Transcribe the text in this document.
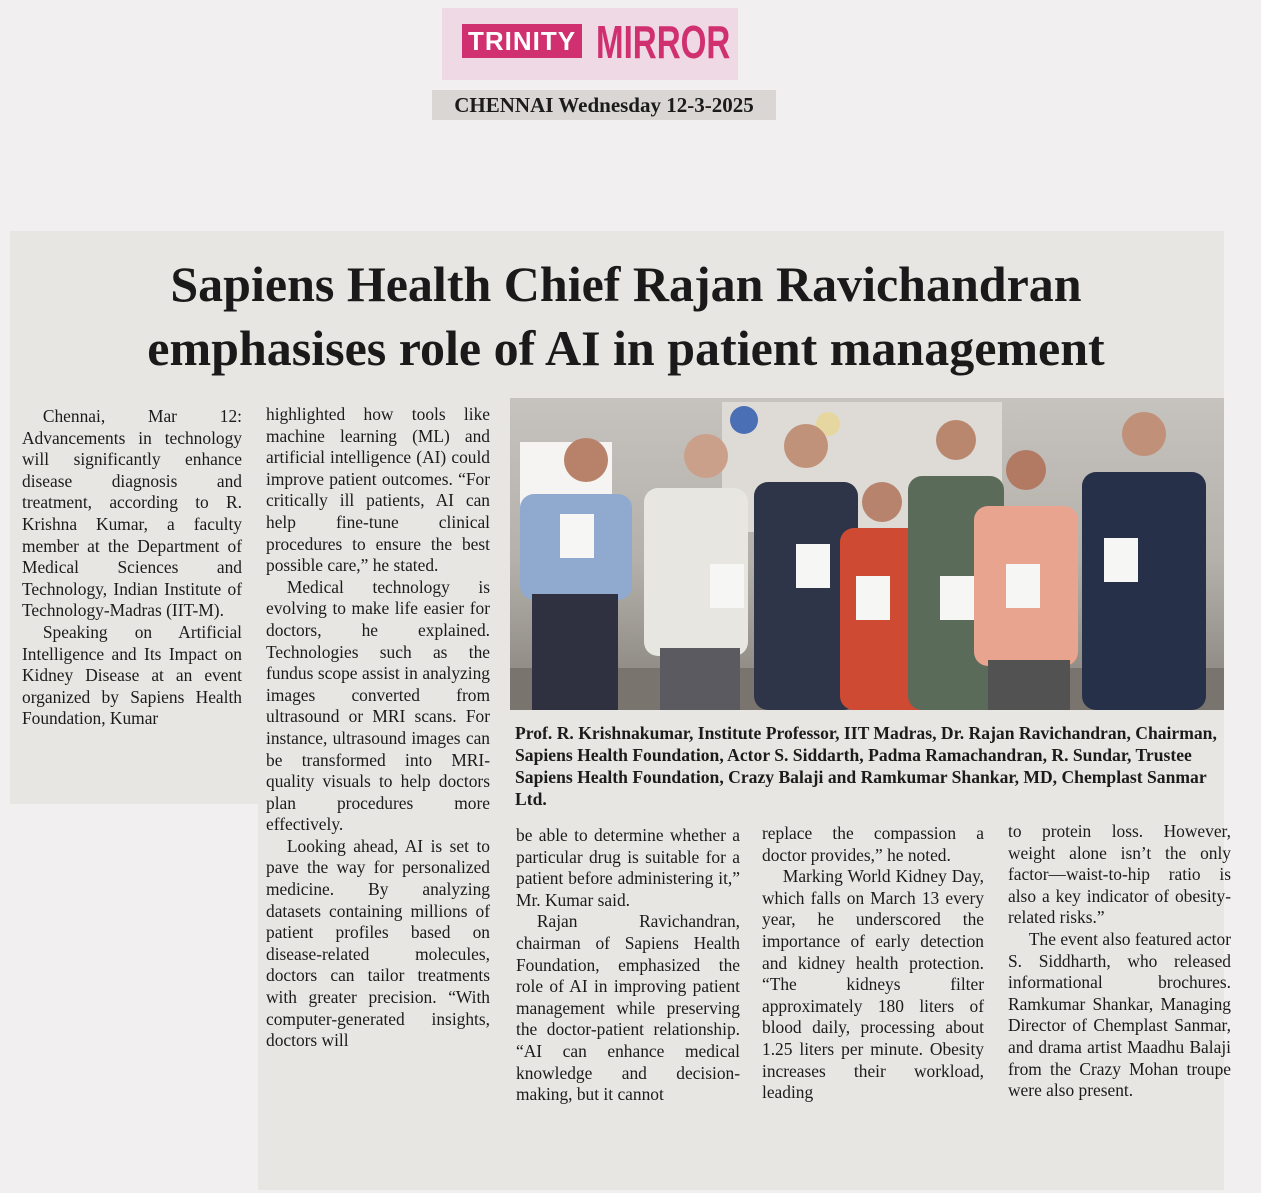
TRINITY MIRROR
CHENNAI Wednesday 12-3-2025
Sapiens Health Chief Rajan Ravichandran
emphasises role of AI in patient management

Chennai, Mar 12: Advancements in technology will significantly enhance disease diagnosis and treatment, according to R. Krishna Kumar, a faculty member at the Department of Medical Sciences and Technology, Indian Institute of Technology-Madras (IIT-M).

Speaking on Artificial Intelligence and Its Impact on Kidney Disease at an event organized by Sapiens Health Foundation, Kumar

highlighted how tools like machine learning (ML) and artificial intelligence (AI) could improve patient outcomes. “For critically ill patients, AI can help fine-tune clinical procedures to ensure the best possible care,” he stated.

Medical technology is evolving to make life easier for doctors, he explained. Technologies such as the fundus scope assist in analyzing images converted from ultrasound or MRI scans. For instance, ultrasound images can be transformed into MRI-quality visuals to help doctors plan procedures more effectively.

Looking ahead, AI is set to pave the way for personalized medicine. By analyzing datasets containing millions of patient profiles based on disease-related molecules, doctors can tailor treatments with greater precision. “With computer-generated insights, doctors will

Prof. R. Krishnakumar, Institute Professor, IIT Madras, Dr. Rajan Ravichandran, Chairman, Sapiens Health Foundation, Actor S. Siddarth, Padma Ramachandran, R. Sundar, Trustee Sapiens Health Foundation, Crazy Balaji and Ramkumar Shankar, MD, Chemplast Sanmar Ltd.

be able to determine whether a particular drug is suitable for a patient before administering it,” Mr. Kumar said.

Rajan Ravichandran, chairman of Sapiens Health Foundation, emphasized the role of AI in improving patient management while preserving the doctor-patient relationship. “AI can enhance medical knowledge and decision-making, but it cannot

replace the compassion a doctor provides,” he noted.

Marking World Kidney Day, which falls on March 13 every year, he underscored the importance of early detection and kidney health protection. “The kidneys filter approximately 180 liters of blood daily, processing about 1.25 liters per minute. Obesity increases their workload, leading

to protein loss. However, weight alone isn’t the only factor—waist-to-hip ratio is also a key indicator of obesity-related risks.”

The event also featured actor S. Siddharth, who released informational brochures. Ramkumar Shankar, Managing Director of Chemplast Sanmar, and drama artist Maadhu Balaji from the Crazy Mohan troupe were also present.
